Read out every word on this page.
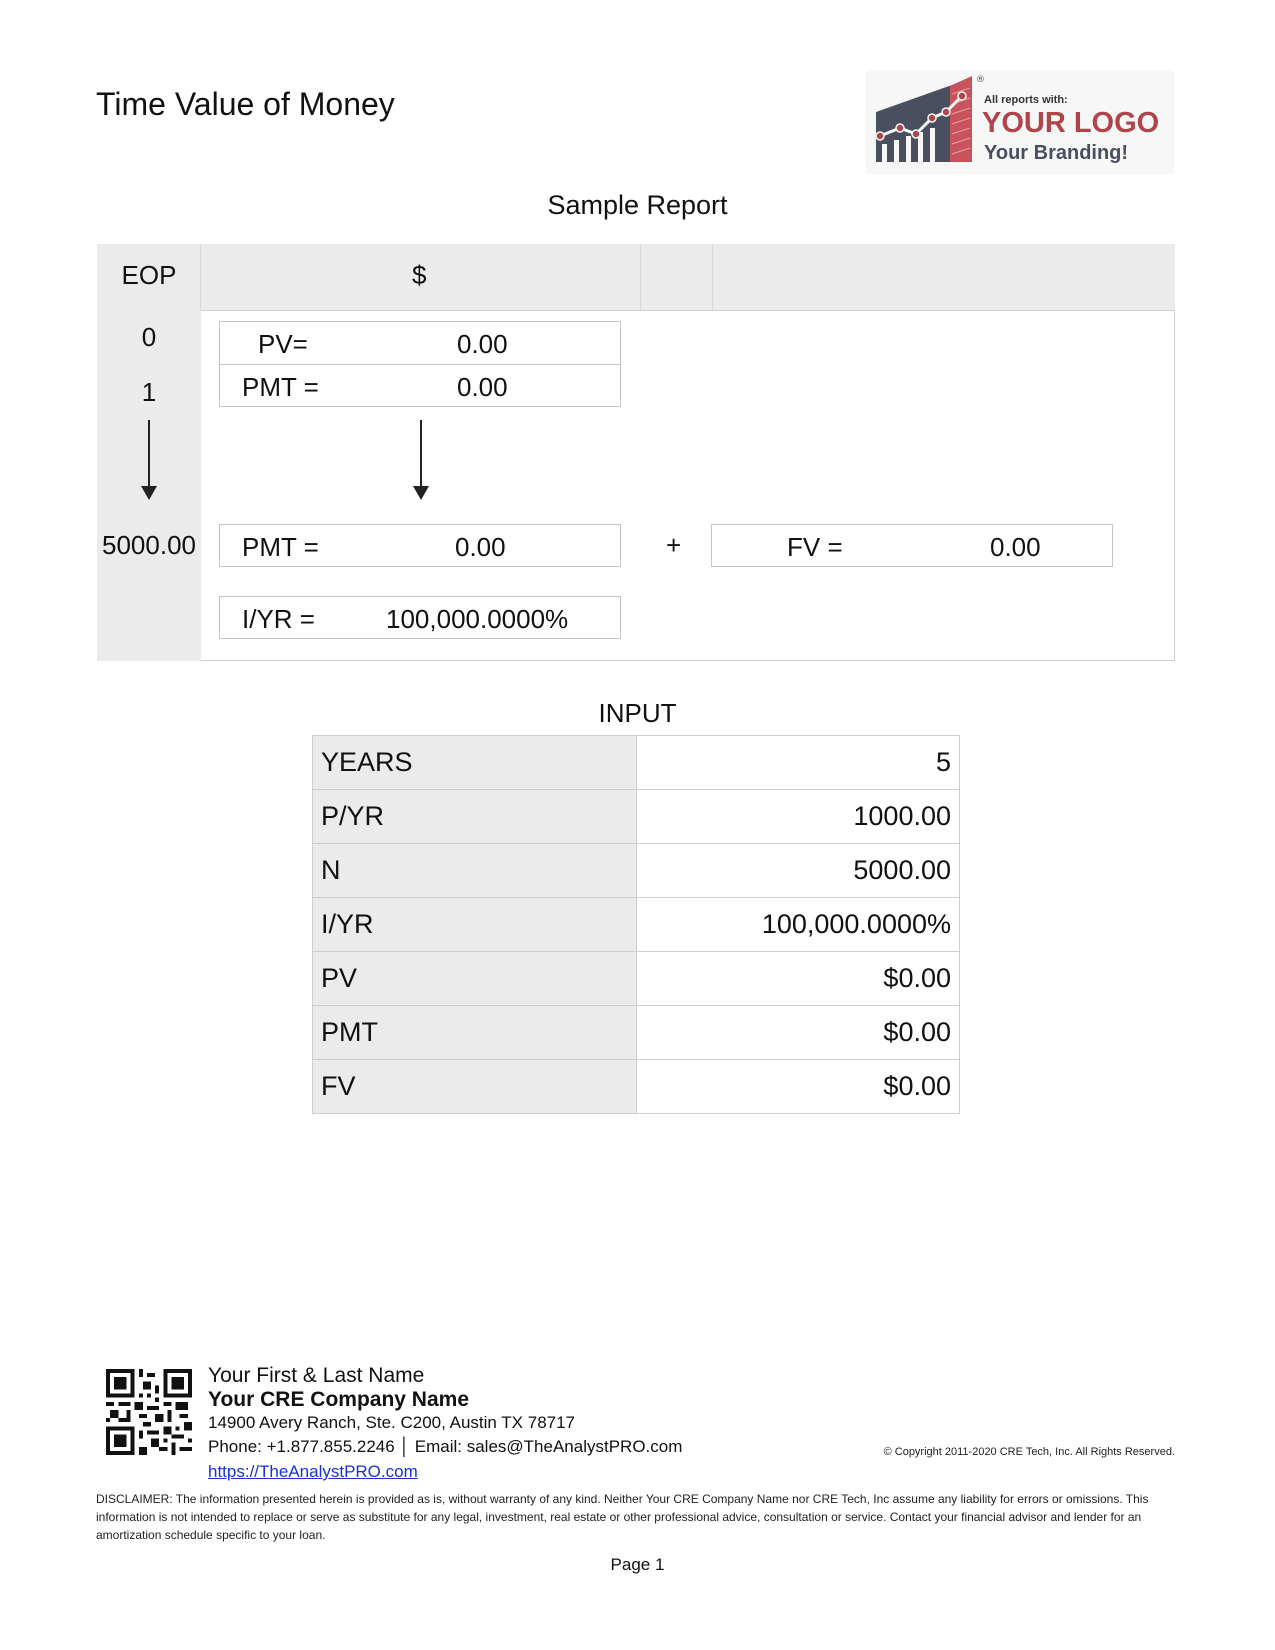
Time Value of Money
®
All reports with:
YOUR LOGO
Your Branding!
Sample Report
EOP	$
0
1
5000.00
PV=	0.00
PMT =	0.00
PMT =	0.00	+	FV =	0.00
I/YR =	100,000.0000%
INPUT
YEARS	5
P/YR	1000.00
N	5000.00
I/YR	100,000.0000%
PV	$0.00
PMT	$0.00
FV	$0.00
Your First & Last Name
Your CRE Company Name
14900 Avery Ranch, Ste. C200, Austin TX 78717
Phone: +1.877.855.2246 │ Email: sales@TheAnalystPRO.com
https://TheAnalystPRO.com
© Copyright 2011-2020 CRE Tech, Inc. All Rights Reserved.
DISCLAIMER: The information presented herein is provided as is, without warranty of any kind. Neither Your CRE Company Name nor CRE Tech, Inc assume any liability for errors or omissions. This information is not intended to replace or serve as substitute for any legal, investment, real estate or other professional advice, consultation or service. Contact your financial advisor and lender for an amortization schedule specific to your loan.
Page 1
